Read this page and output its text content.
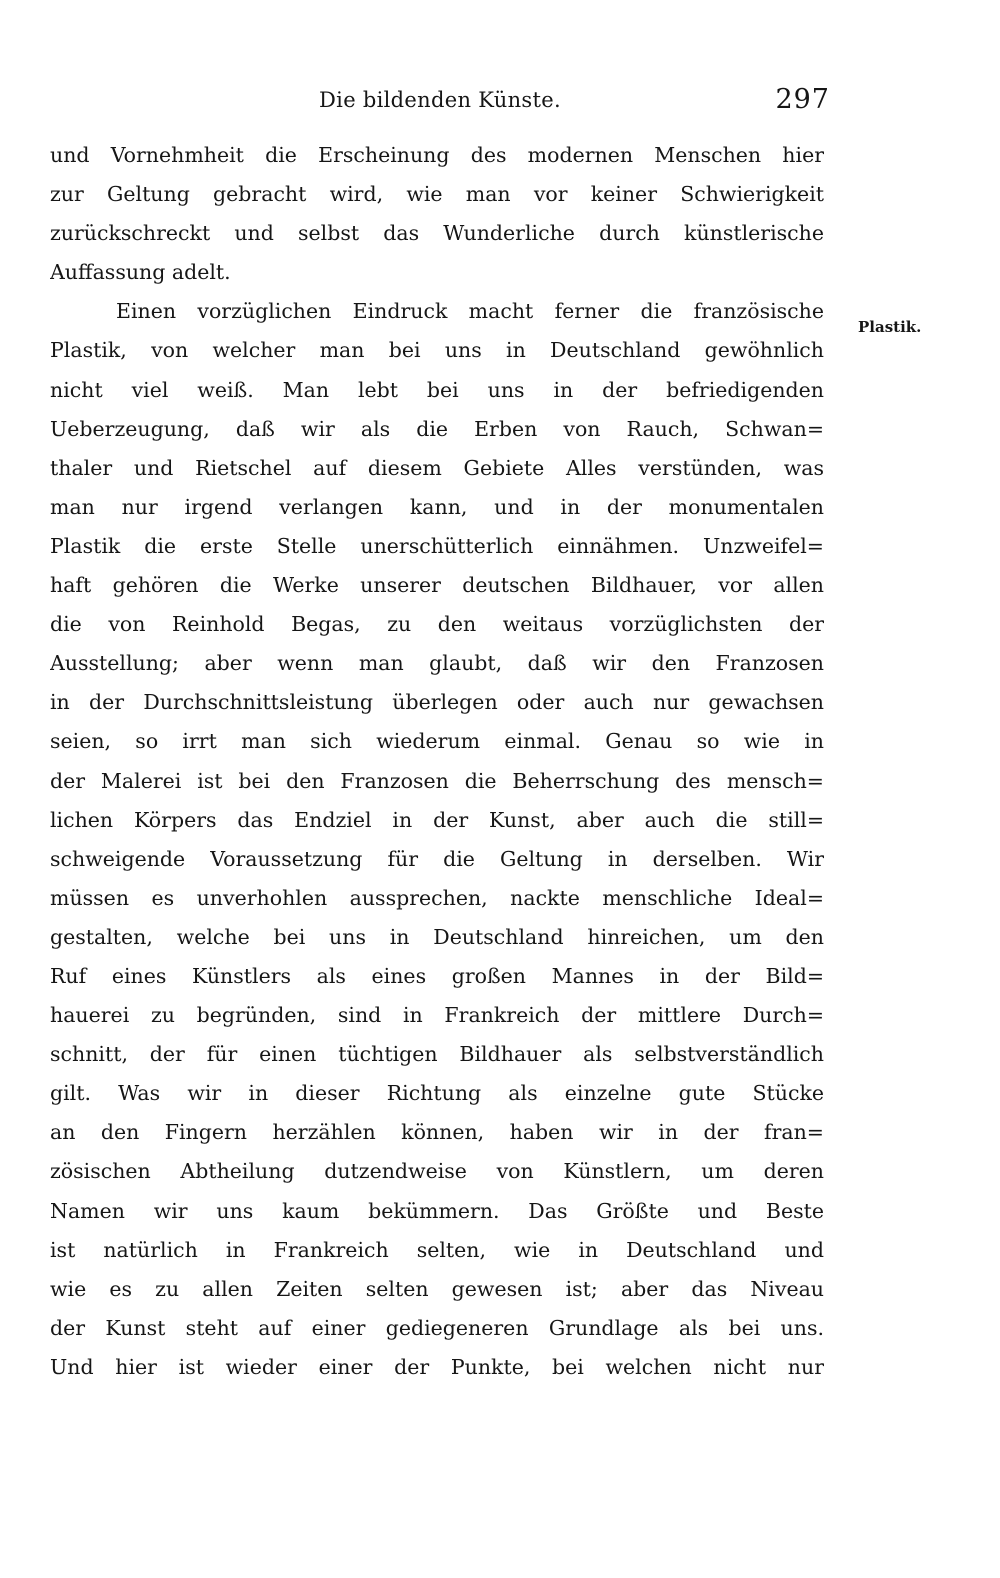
Die bildenden Künste.	297
Plastik.
und Vornehmheit die Erscheinung des modernen Menschen hier
zur Geltung gebracht wird, wie man vor keiner Schwierigkeit
zurückschreckt und selbst das Wunderliche durch künstlerische
Auffassung adelt.
Einen vorzüglichen Eindruck macht ferner die französische
Plastik, von welcher man bei uns in Deutschland gewöhnlich
nicht viel weiß. Man lebt bei uns in der befriedigenden
Ueberzeugung, daß wir als die Erben von Rauch, Schwan=
thaler und Rietschel auf diesem Gebiete Alles verstünden, was
man nur irgend verlangen kann, und in der monumentalen
Plastik die erste Stelle unerschütterlich einnähmen. Unzweifel=
haft gehören die Werke unserer deutschen Bildhauer, vor allen
die von Reinhold Begas, zu den weitaus vorzüglichsten der
Ausstellung; aber wenn man glaubt, daß wir den Franzosen
in der Durchschnittsleistung überlegen oder auch nur gewachsen
seien, so irrt man sich wiederum einmal. Genau so wie in
der Malerei ist bei den Franzosen die Beherrschung des mensch=
lichen Körpers das Endziel in der Kunst, aber auch die still=
schweigende Voraussetzung für die Geltung in derselben. Wir
müssen es unverhohlen aussprechen, nackte menschliche Ideal=
gestalten, welche bei uns in Deutschland hinreichen, um den
Ruf eines Künstlers als eines großen Mannes in der Bild=
hauerei zu begründen, sind in Frankreich der mittlere Durch=
schnitt, der für einen tüchtigen Bildhauer als selbstverständlich
gilt. Was wir in dieser Richtung als einzelne gute Stücke
an den Fingern herzählen können, haben wir in der fran=
zösischen Abtheilung dutzendweise von Künstlern, um deren
Namen wir uns kaum bekümmern. Das Größte und Beste
ist natürlich in Frankreich selten, wie in Deutschland und
wie es zu allen Zeiten selten gewesen ist; aber das Niveau
der Kunst steht auf einer gediegeneren Grundlage als bei uns.
Und hier ist wieder einer der Punkte, bei welchen nicht nur
